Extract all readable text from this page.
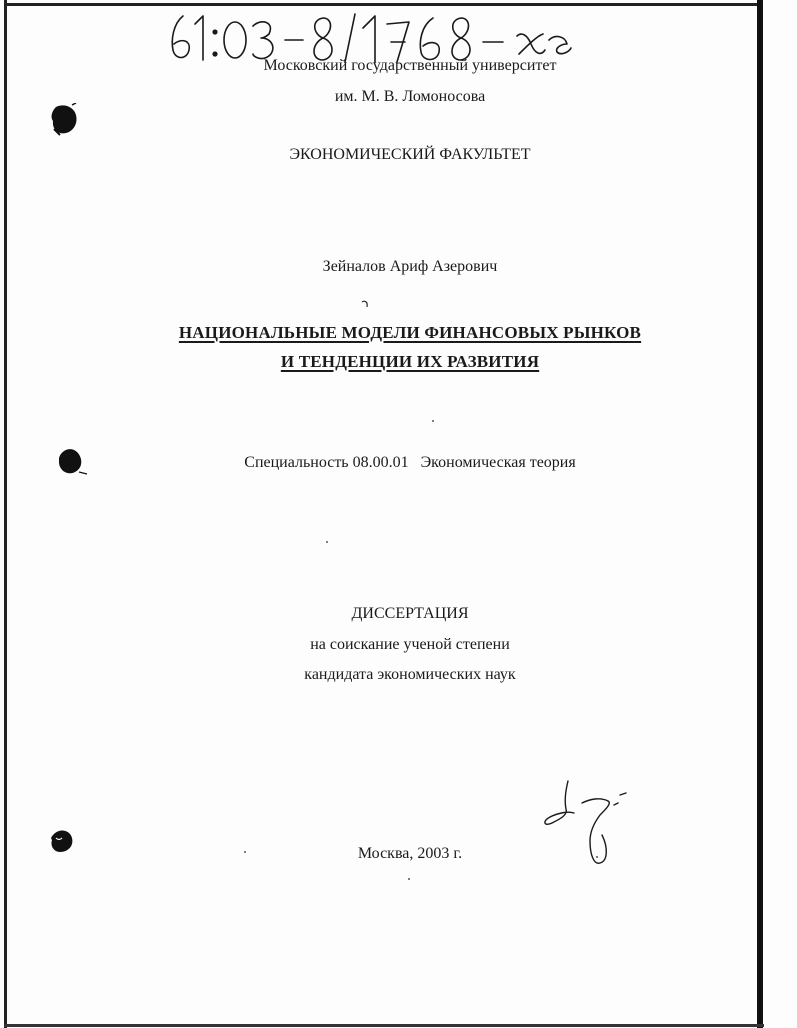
Московский государственный университет
им. М. В. Ломоносова
ЭКОНОМИЧЕСКИЙ ФАКУЛЬТЕТ
Зейналов Ариф Азерович
НАЦИОНАЛЬНЫЕ МОДЕЛИ ФИНАНСОВЫХ РЫНКОВ
И ТЕНДЕНЦИИ ИХ РАЗВИТИЯ
Специальность 08.00.01   Экономическая теория
ДИССЕРТАЦИЯ
на соискание ученой степени
кандидата экономических наук
Москва, 2003 г.
